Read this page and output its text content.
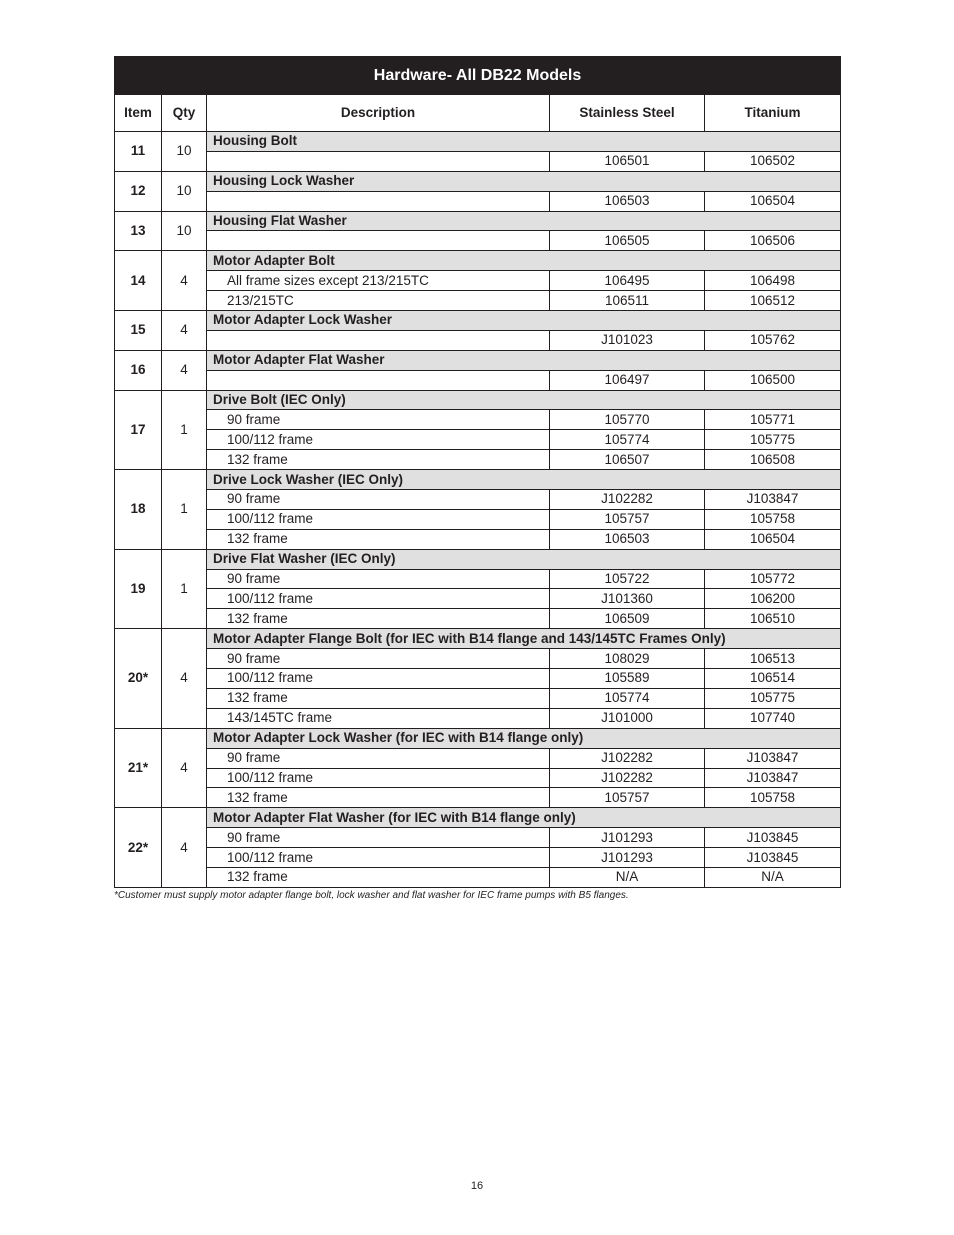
Hardware- All DB22 Models				
Item	Qty	Description	Stainless Steel	Titanium
11	10	Housing Bolt		
			106501	106502
12	10	Housing Lock Washer		
			106503	106504
13	10	Housing Flat Washer		
			106505	106506
14	4	Motor Adapter Bolt		
		All frame sizes except 213/215TC	106495	106498
		213/215TC	106511	106512
15	4	Motor Adapter Lock Washer		
			J101023	105762
16	4	Motor Adapter Flat Washer		
			106497	106500
17	1	Drive Bolt (IEC Only)		
		90 frame	105770	105771
		100/112 frame	105774	105775
		132 frame	106507	106508
18	1	Drive Lock Washer (IEC Only)		
		90 frame	J102282	J103847
		100/112 frame	105757	105758
		132 frame	106503	106504
19	1	Drive Flat Washer (IEC Only)		
		90 frame	105722	105772
		100/112 frame	J101360	106200
		132 frame	106509	106510
20*	4	Motor Adapter Flange Bolt (for IEC with B14 flange and 143/145TC Frames Only)		
		90 frame	108029	106513
		100/112 frame	105589	106514
		132 frame	105774	105775
		143/145TC frame	J101000	107740
21*	4	Motor Adapter Lock Washer (for IEC with B14 flange only)		
		90 frame	J102282	J103847
		100/112 frame	J102282	J103847
		132 frame	105757	105758
22*	4	Motor Adapter Flat Washer (for IEC with B14 flange only)		
		90 frame	J101293	J103845
		100/112 frame	J101293	J103845
		132 frame	N/A	N/A
*Customer must supply motor adapter flange bolt, lock washer and flat washer for IEC frame pumps with B5 flanges.
16
